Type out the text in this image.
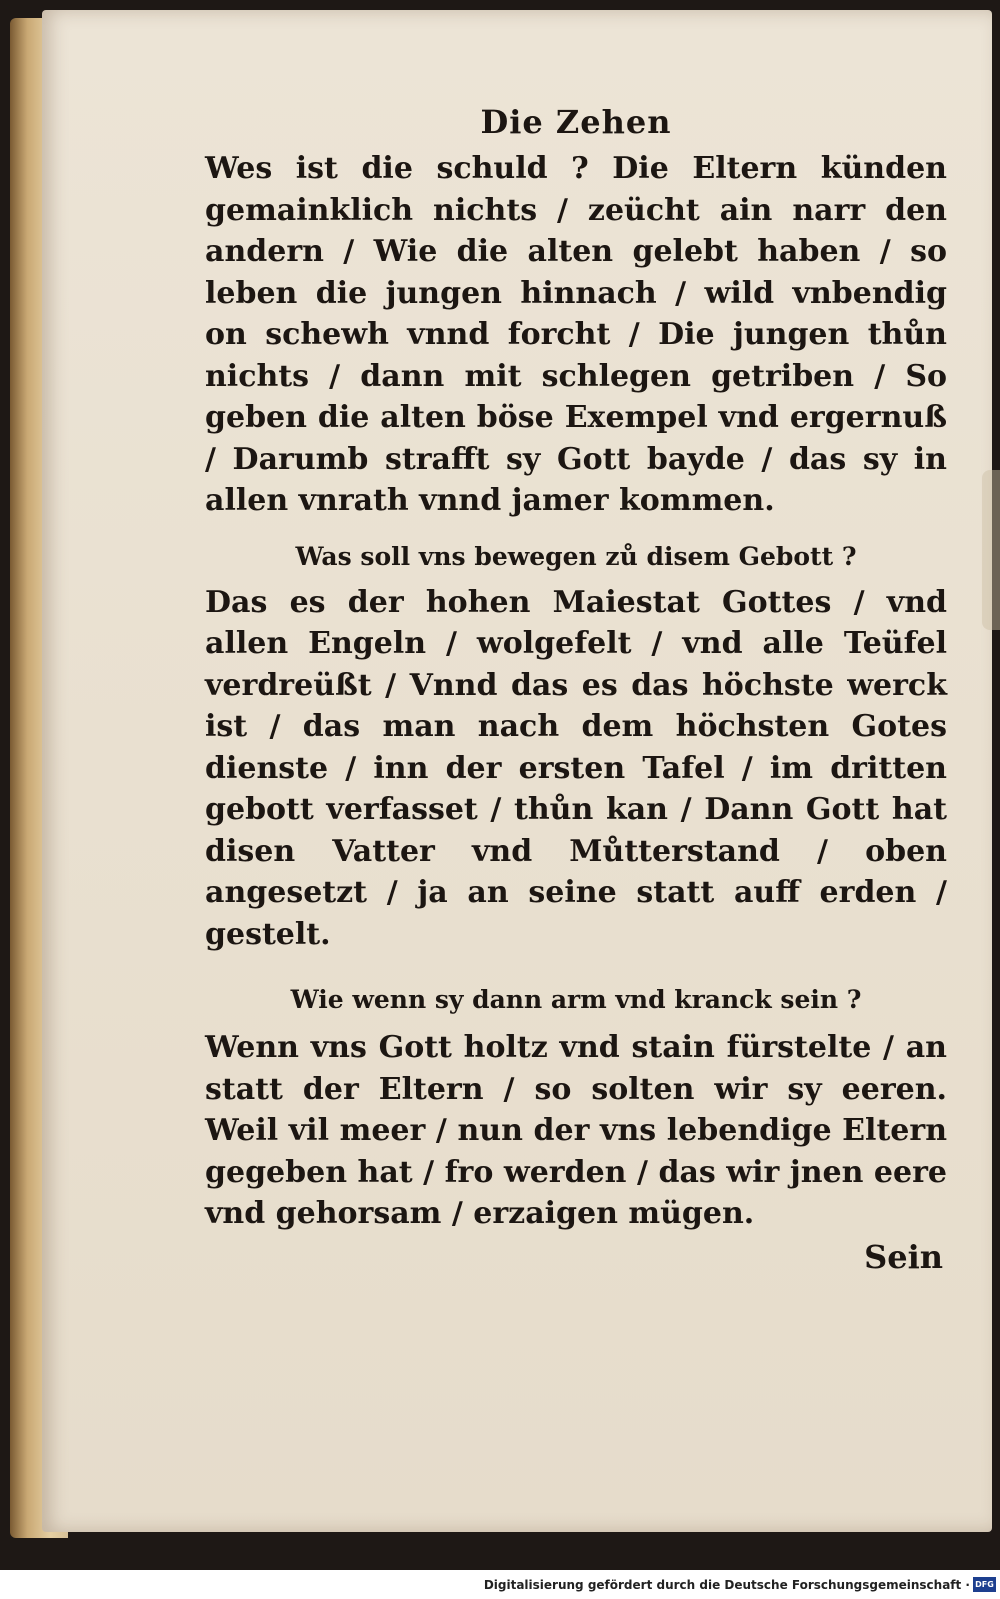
Die Zehen

Wes ist die schuld ? Die Eltern künden gemainklich nichts / zeücht ain narr den andern / Wie die alten gelebt haben / so leben die jungen hinnach / wild vnbendig on schewh vnnd forcht / Die jungen thůn nichts / dann mit schlegen getriben / So geben die alten böse Exempel vnd ergernuß / Darumb strafft sy Gott bayde / das sy in allen vnrath vnnd jamer kommen.

Was soll vns bewegen zů disem Gebott ?

Das es der hohen Maiestat Gottes / vnd allen Engeln / wolgefelt / vnd alle Teüfel verdreüßt / Vnnd das es das höchste werck ist / das man nach dem höchsten Gotes dienste / inn der ersten Tafel / im dritten gebott verfasset / thůn kan / Dann Gott hat disen Vatter vnd Můtterstand / oben angesetzt / ja an seine statt auff erden / gestelt.

Wie wenn sy dann arm vnd kranck sein ?

Wenn vns Gott holtz vnd stain fürstelte / an statt der Eltern / so solten wir sy eeren. Weil vil meer / nun der vns lebendige Eltern gegeben hat / fro werden / das wir jnen eere vnd gehorsam / erzaigen mügen.

Sein

Digitalisierung gefördert durch die Deutsche Forschungsgemeinschaft · DFG
